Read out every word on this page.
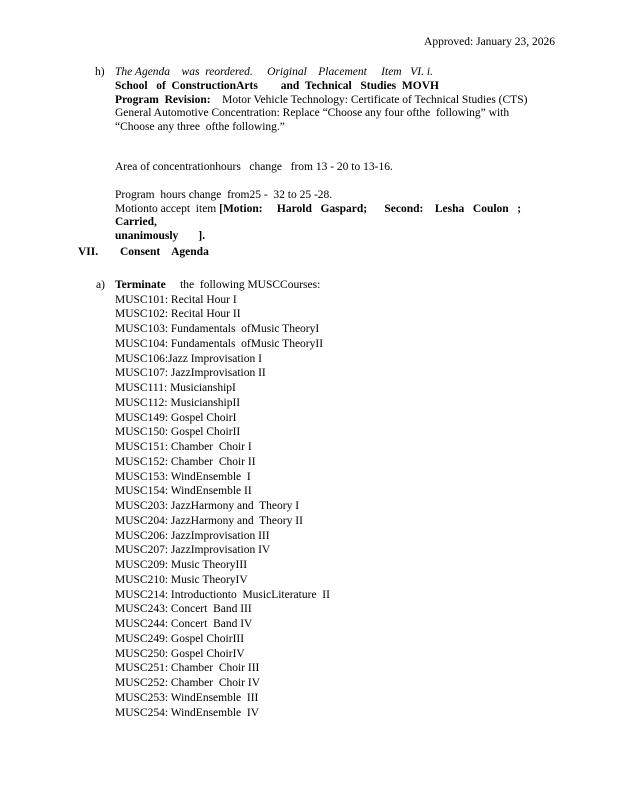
Approved: January 23, 2026
h) The Agenda    was  reordered.     Original    Placement     Item   VI. i.
School   of  ConstructionArts        and  Technical   Studies  MOVH
Program  Revision:    Motor Vehicle Technology: Certificate of Technical Studies (CTS)
General Automotive Concentration: Replace “Choose any four ofthe  following” with
“Choose any three  ofthe following.”
Area of concentrationhours   change   from 13 - 20 to 13-16.
Program  hours change  from25 -  32 to 25 -28.
Motionto accept  item [Motion:     Harold   Gaspard;      Second:    Lesha   Coulon   ; Carried,
unanimously       ].
VII. Consent    Agenda
a) Terminate     the  following MUSCCourses:
MUSC101: Recital Hour I
MUSC102: Recital Hour II
MUSC103: Fundamentals  ofMusic TheoryI
MUSC104: Fundamentals  ofMusic TheoryII
MUSC106:Jazz Improvisation I
MUSC107: JazzImprovisation II
MUSC111: MusicianshipI
MUSC112: MusicianshipII
MUSC149: Gospel ChoirI
MUSC150: Gospel ChoirII
MUSC151: Chamber  Choir I
MUSC152: Chamber  Choir II
MUSC153: WindEnsemble  I
MUSC154: WindEnsemble II
MUSC203: JazzHarmony and  Theory I
MUSC204: JazzHarmony and  Theory II
MUSC206: JazzImprovisation III
MUSC207: JazzImprovisation IV
MUSC209: Music TheoryIII
MUSC210: Music TheoryIV
MUSC214: Introductionto  MusicLiterature  II
MUSC243: Concert  Band III
MUSC244: Concert  Band IV
MUSC249: Gospel ChoirIII
MUSC250: Gospel ChoirIV
MUSC251: Chamber  Choir III
MUSC252: Chamber  Choir IV
MUSC253: WindEnsemble  III
MUSC254: WindEnsemble  IV
